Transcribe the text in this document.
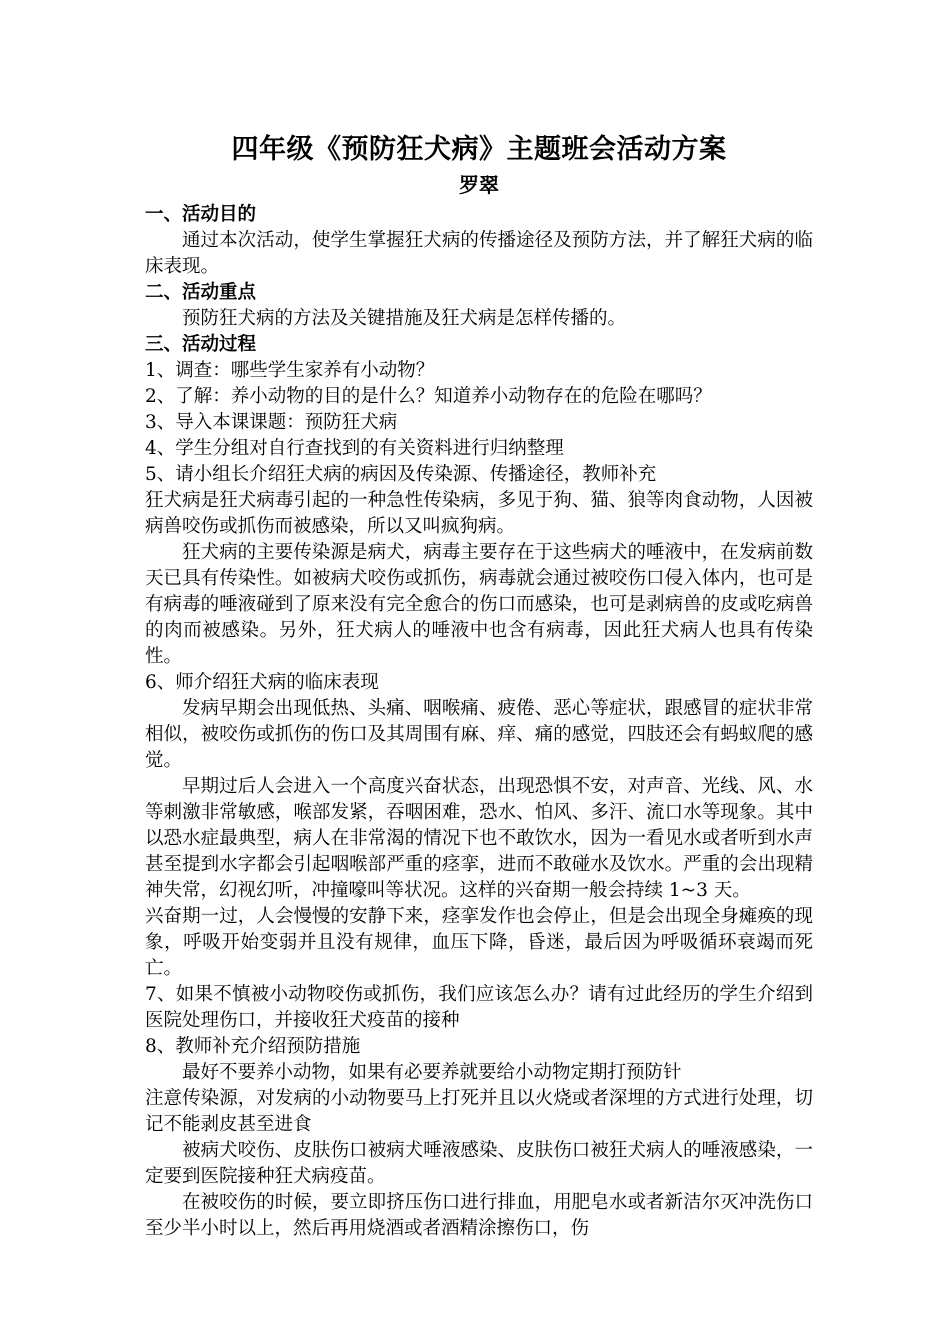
四年级《预防狂犬病》主题班会活动方案
罗翠
一、活动目的

通过本次活动，使学生掌握狂犬病的传播途径及预防方法，并了解狂犬病的临床表现。

二、活动重点

预防狂犬病的方法及关键措施及狂犬病是怎样传播的。

三、活动过程

1、调查：哪些学生家养有小动物？

2、了解：养小动物的目的是什么？知道养小动物存在的危险在哪吗？

3、导入本课课题：预防狂犬病

4、学生分组对自行查找到的有关资料进行归纳整理

5、请小组长介绍狂犬病的病因及传染源、传播途径，教师补充

狂犬病是狂犬病毒引起的一种急性传染病，多见于狗、猫、狼等肉食动物，人因被病兽咬伤或抓伤而被感染，所以又叫疯狗病。

狂犬病的主要传染源是病犬，病毒主要存在于这些病犬的唾液中，在发病前数天已具有传染性。如被病犬咬伤或抓伤，病毒就会通过被咬伤口侵入体内，也可是有病毒的唾液碰到了原来没有完全愈合的伤口而感染，也可是剥病兽的皮或吃病兽的肉而被感染。另外，狂犬病人的唾液中也含有病毒，因此狂犬病人也具有传染性。

6、师介绍狂犬病的临床表现

发病早期会出现低热、头痛、咽喉痛、疲倦、恶心等症状，跟感冒的症状非常相似，被咬伤或抓伤的伤口及其周围有麻、痒、痛的感觉，四肢还会有蚂蚁爬的感觉。

早期过后人会进入一个高度兴奋状态，出现恐惧不安，对声音、光线、风、水等刺激非常敏感，喉部发紧，吞咽困难，恐水、怕风、多汗、流口水等现象。其中以恐水症最典型，病人在非常渴的情况下也不敢饮水，因为一看见水或者听到水声甚至提到水字都会引起咽喉部严重的痉挛，进而不敢碰水及饮水。严重的会出现精神失常，幻视幻听，冲撞嚎叫等状况。这样的兴奋期一般会持续 1~3 天。

兴奋期一过，人会慢慢的安静下来，痉挛发作也会停止，但是会出现全身瘫痪的现象，呼吸开始变弱并且没有规律，血压下降，昏迷，最后因为呼吸循环衰竭而死亡。

7、如果不慎被小动物咬伤或抓伤，我们应该怎么办？请有过此经历的学生介绍到医院处理伤口，并接收狂犬疫苗的接种

8、教师补充介绍预防措施

最好不要养小动物，如果有必要养就要给小动物定期打预防针

注意传染源，对发病的小动物要马上打死并且以火烧或者深埋的方式进行处理，切记不能剥皮甚至进食

被病犬咬伤、皮肤伤口被病犬唾液感染、皮肤伤口被狂犬病人的唾液感染，一定要到医院接种狂犬病疫苗。

在被咬伤的时候，要立即挤压伤口进行排血，用肥皂水或者新洁尔灭冲洗伤口至少半小时以上，然后再用烧酒或者酒精涂擦伤口，伤
